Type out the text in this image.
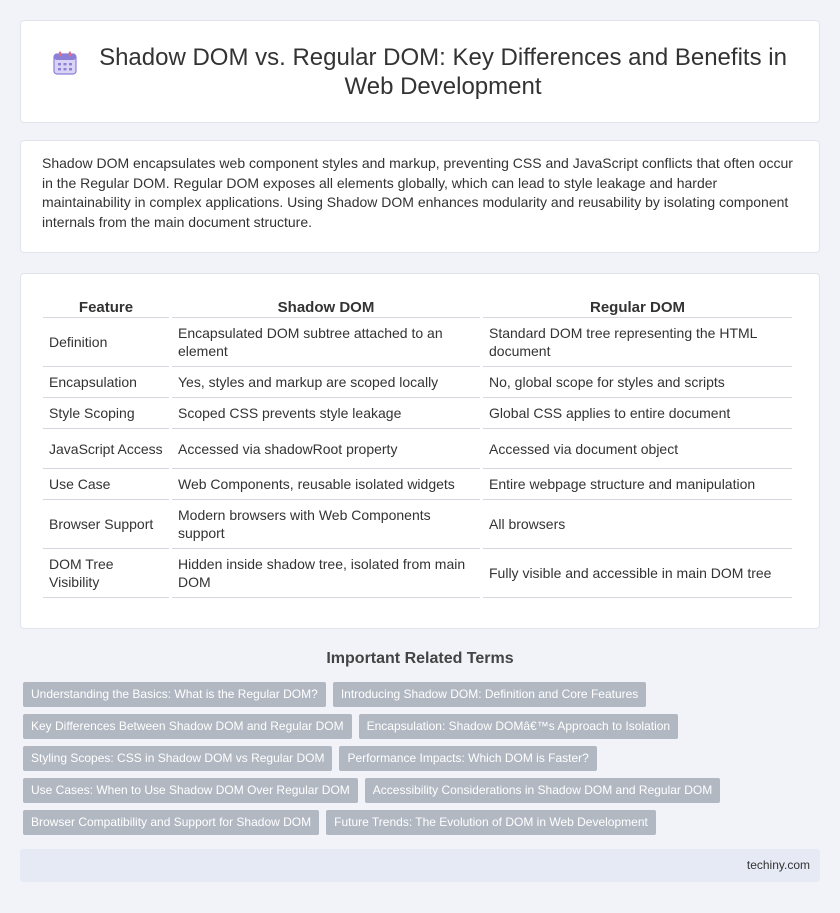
Shadow DOM vs. Regular DOM: Key Differences and Benefits in Web Development

Shadow DOM encapsulates web component styles and markup, preventing CSS and JavaScript conflicts that often occur in the Regular DOM. Regular DOM exposes all elements globally, which can lead to style leakage and harder maintainability in complex applications. Using Shadow DOM enhances modularity and reusability by isolating component internals from the main document structure.

Feature	Shadow DOM	Regular DOM
Definition	Encapsulated DOM subtree attached to an element	Standard DOM tree representing the HTML document
Encapsulation	Yes, styles and markup are scoped locally	No, global scope for styles and scripts
Style Scoping	Scoped CSS prevents style leakage	Global CSS applies to entire document
JavaScript Access	Accessed via shadowRoot property	Accessed via document object
Use Case	Web Components, reusable isolated widgets	Entire webpage structure and manipulation
Browser Support	Modern browsers with Web Components support	All browsers
DOM Tree Visibility	Hidden inside shadow tree, isolated from main DOM	Fully visible and accessible in main DOM tree
Important Related Terms
Understanding the Basics: What is the Regular DOM?	Introducing Shadow DOM: Definition and Core Features
Key Differences Between Shadow DOM and Regular DOM	Encapsulation: Shadow DOMâ€™s Approach to Isolation
Styling Scopes: CSS in Shadow DOM vs Regular DOM	Performance Impacts: Which DOM is Faster?
Use Cases: When to Use Shadow DOM Over Regular DOM	Accessibility Considerations in Shadow DOM and Regular DOM
Browser Compatibility and Support for Shadow DOM	Future Trends: The Evolution of DOM in Web Development
techiny.com
